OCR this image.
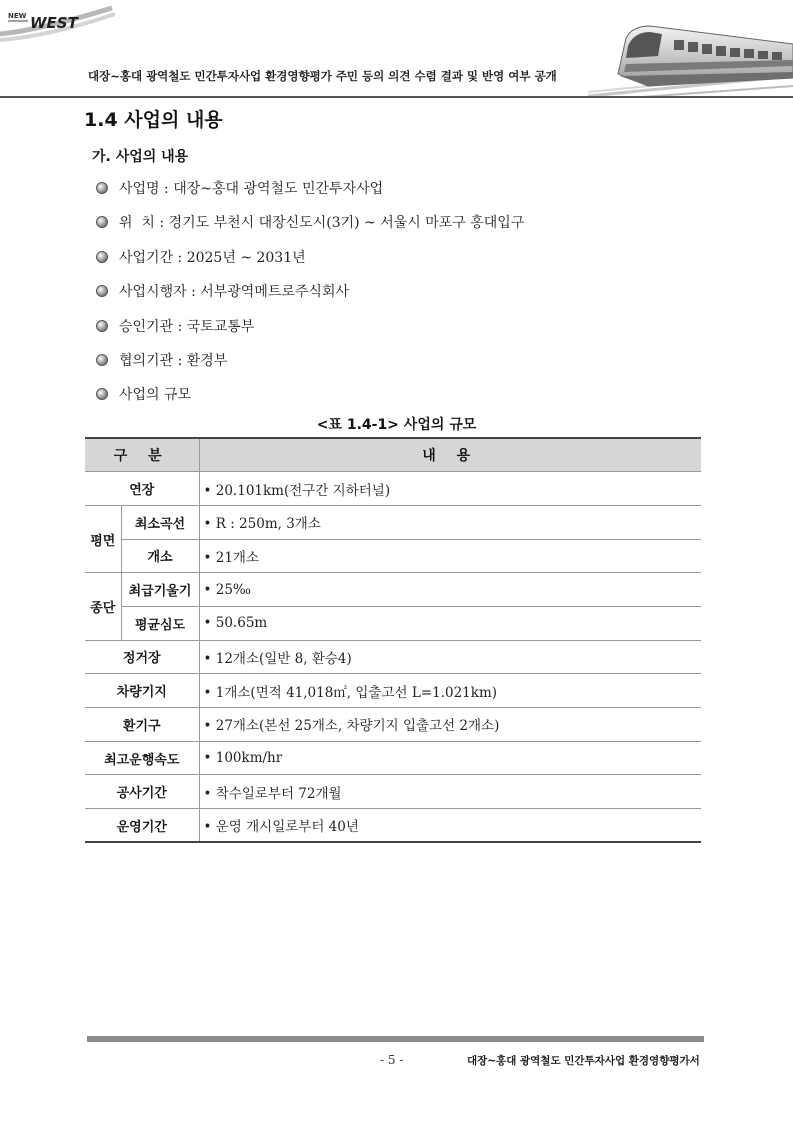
NEW WEST
대장~홍대 광역철도 민간투자사업 환경영향평가 주민 등의 의견 수렴 결과 및 반영 여부 공개
1.4 사업의 내용
가. 사업의 내용
사업명 : 대장~홍대 광역철도 민간투자사업
위  치 : 경기도 부천시 대장신도시(3기) ~ 서울시 마포구 홍대입구
사업기간 : 2025년 ~ 2031년
사업시행자 : 서부광역메트로주식회사
승인기관 : 국토교통부
협의기관 : 환경부
사업의 규모
<표 1.4-1> 사업의 규모
구 분		내 용
연장		• 20.101km(전구간 지하터널)
평면	최소곡선	• R : 250m, 3개소
	개소	• 21개소
종단	최급기울기	• 25‰
	평균심도	• 50.65m
정거장		• 12개소(일반 8, 환승4)
차량기지		• 1개소(면적 41,018㎡, 입출고선 L=1.021km)
환기구		• 27개소(본선 25개소, 차량기지 입출고선 2개소)
최고운행속도		• 100km/hr
공사기간		• 착수일로부터 72개월
운영기간		• 운영 개시일로부터 40년
- 5 -	대장~홍대 광역철도 민간투자사업 환경영향평가서
